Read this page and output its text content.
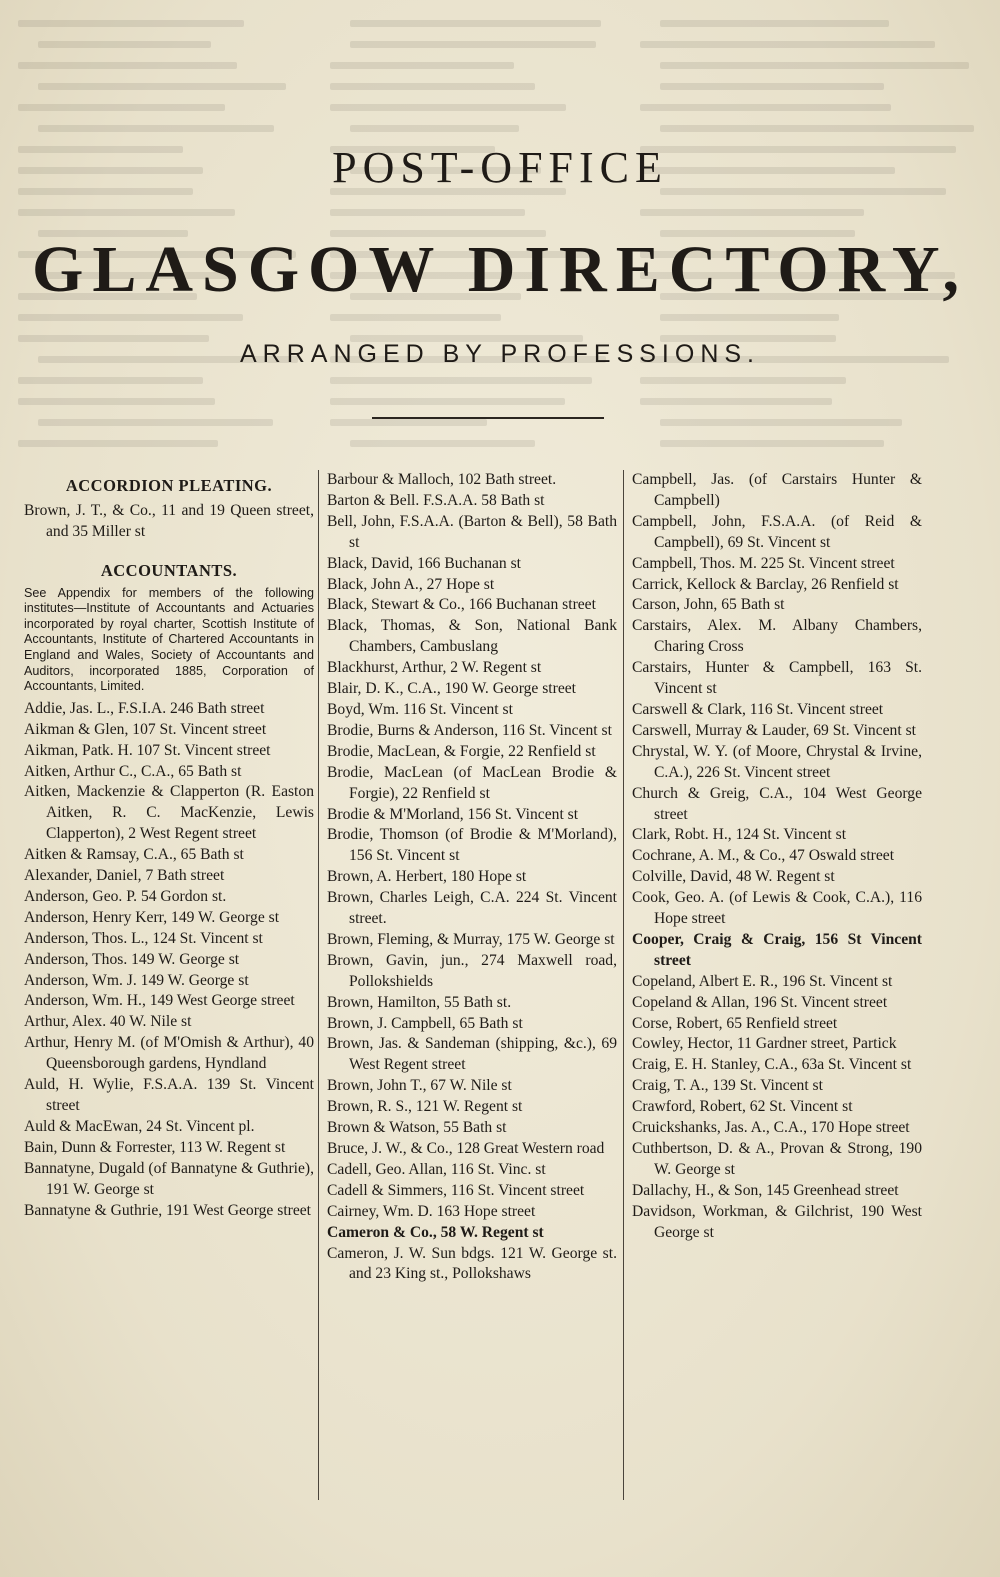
POST-OFFICE
GLASGOW DIRECTORY,
ARRANGED BY PROFESSIONS.
ACCORDION PLEATING.

Brown, J. T., & Co., 11 and 19 Queen street, and 35 Miller st

ACCOUNTANTS.

See Appendix for members of the following institutes—Institute of Accountants and Actuaries incorporated by royal charter, Scottish Institute of Accountants, Institute of Chartered Accountants in England and Wales, Society of Accountants and Auditors, incorporated 1885, Corporation of Accountants, Limited.

Addie, Jas. L., F.S.I.A. 246 Bath street

Aikman & Glen, 107 St. Vincent street

Aikman, Patk. H. 107 St. Vincent street

Aitken, Arthur C., C.A., 65 Bath st

Aitken, Mackenzie & Clapperton (R. Easton Aitken, R. C. MacKenzie, Lewis Clapperton), 2 West Regent street

Aitken & Ramsay, C.A., 65 Bath st

Alexander, Daniel, 7 Bath street

Anderson, Geo. P. 54 Gordon st.

Anderson, Henry Kerr, 149 W. George st

Anderson, Thos. L., 124 St. Vincent st

Anderson, Thos. 149 W. George st

Anderson, Wm. J. 149 W. George st

Anderson, Wm. H., 149 West George street

Arthur, Alex. 40 W. Nile st

Arthur, Henry M. (of M'Omish & Arthur), 40 Queensborough gardens, Hyndland

Auld, H. Wylie, F.S.A.A. 139 St. Vincent street

Auld & MacEwan, 24 St. Vincent pl.

Bain, Dunn & Forrester, 113 W. Regent st

Bannatyne, Dugald (of Bannatyne & Guthrie), 191 W. George st

Bannatyne & Guthrie, 191 West George street

Barbour & Malloch, 102 Bath street.

Barton & Bell. F.S.A.A. 58 Bath st

Bell, John, F.S.A.A. (Barton & Bell), 58 Bath st

Black, David, 166 Buchanan st

Black, John A., 27 Hope st

Black, Stewart & Co., 166 Buchanan street

Black, Thomas, & Son, National Bank Chambers, Cambuslang

Blackhurst, Arthur, 2 W. Regent st

Blair, D. K., C.A., 190 W. George street

Boyd, Wm. 116 St. Vincent st

Brodie, Burns & Anderson, 116 St. Vincent st

Brodie, MacLean, & Forgie, 22 Renfield st

Brodie, MacLean (of MacLean Brodie & Forgie), 22 Renfield st

Brodie & M'Morland, 156 St. Vincent st

Brodie, Thomson (of Brodie & M'Morland), 156 St. Vincent st

Brown, A. Herbert, 180 Hope st

Brown, Charles Leigh, C.A. 224 St. Vincent street.

Brown, Fleming, & Murray, 175 W. George st

Brown, Gavin, jun., 274 Maxwell road, Pollokshields

Brown, Hamilton, 55 Bath st.

Brown, J. Campbell, 65 Bath st

Brown, Jas. & Sandeman (shipping, &c.), 69 West Regent street

Brown, John T., 67 W. Nile st

Brown, R. S., 121 W. Regent st

Brown & Watson, 55 Bath st

Bruce, J. W., & Co., 128 Great Western road

Cadell, Geo. Allan, 116 St. Vinc. st

Cadell & Simmers, 116 St. Vincent street

Cairney, Wm. D. 163 Hope street

Cameron & Co., 58 W. Regent st

Cameron, J. W. Sun bdgs. 121 W. George st. and 23 King st., Pollokshaws

Campbell, Jas. (of Carstairs Hunter & Campbell)

Campbell, John, F.S.A.A. (of Reid & Campbell), 69 St. Vincent st

Campbell, Thos. M. 225 St. Vincent street

Carrick, Kellock & Barclay, 26 Renfield st

Carson, John, 65 Bath st

Carstairs, Alex. M. Albany Chambers, Charing Cross

Carstairs, Hunter & Campbell, 163 St. Vincent st

Carswell & Clark, 116 St. Vincent street

Carswell, Murray & Lauder, 69 St. Vincent st

Chrystal, W. Y. (of Moore, Chrystal & Irvine, C.A.), 226 St. Vincent street

Church & Greig, C.A., 104 West George street

Clark, Robt. H., 124 St. Vincent st

Cochrane, A. M., & Co., 47 Oswald street

Colville, David, 48 W. Regent st

Cook, Geo. A. (of Lewis & Cook, C.A.), 116 Hope street

Cooper, Craig & Craig, 156 St Vincent street

Copeland, Albert E. R., 196 St. Vincent st

Copeland & Allan, 196 St. Vincent street

Corse, Robert, 65 Renfield street

Cowley, Hector, 11 Gardner street, Partick

Craig, E. H. Stanley, C.A., 63a St. Vincent st

Craig, T. A., 139 St. Vincent st

Crawford, Robert, 62 St. Vincent st

Cruickshanks, Jas. A., C.A., 170 Hope street

Cuthbertson, D. & A., Provan & Strong, 190 W. George st

Dallachy, H., & Son, 145 Greenhead street

Davidson, Workman, & Gilchrist, 190 West George st
